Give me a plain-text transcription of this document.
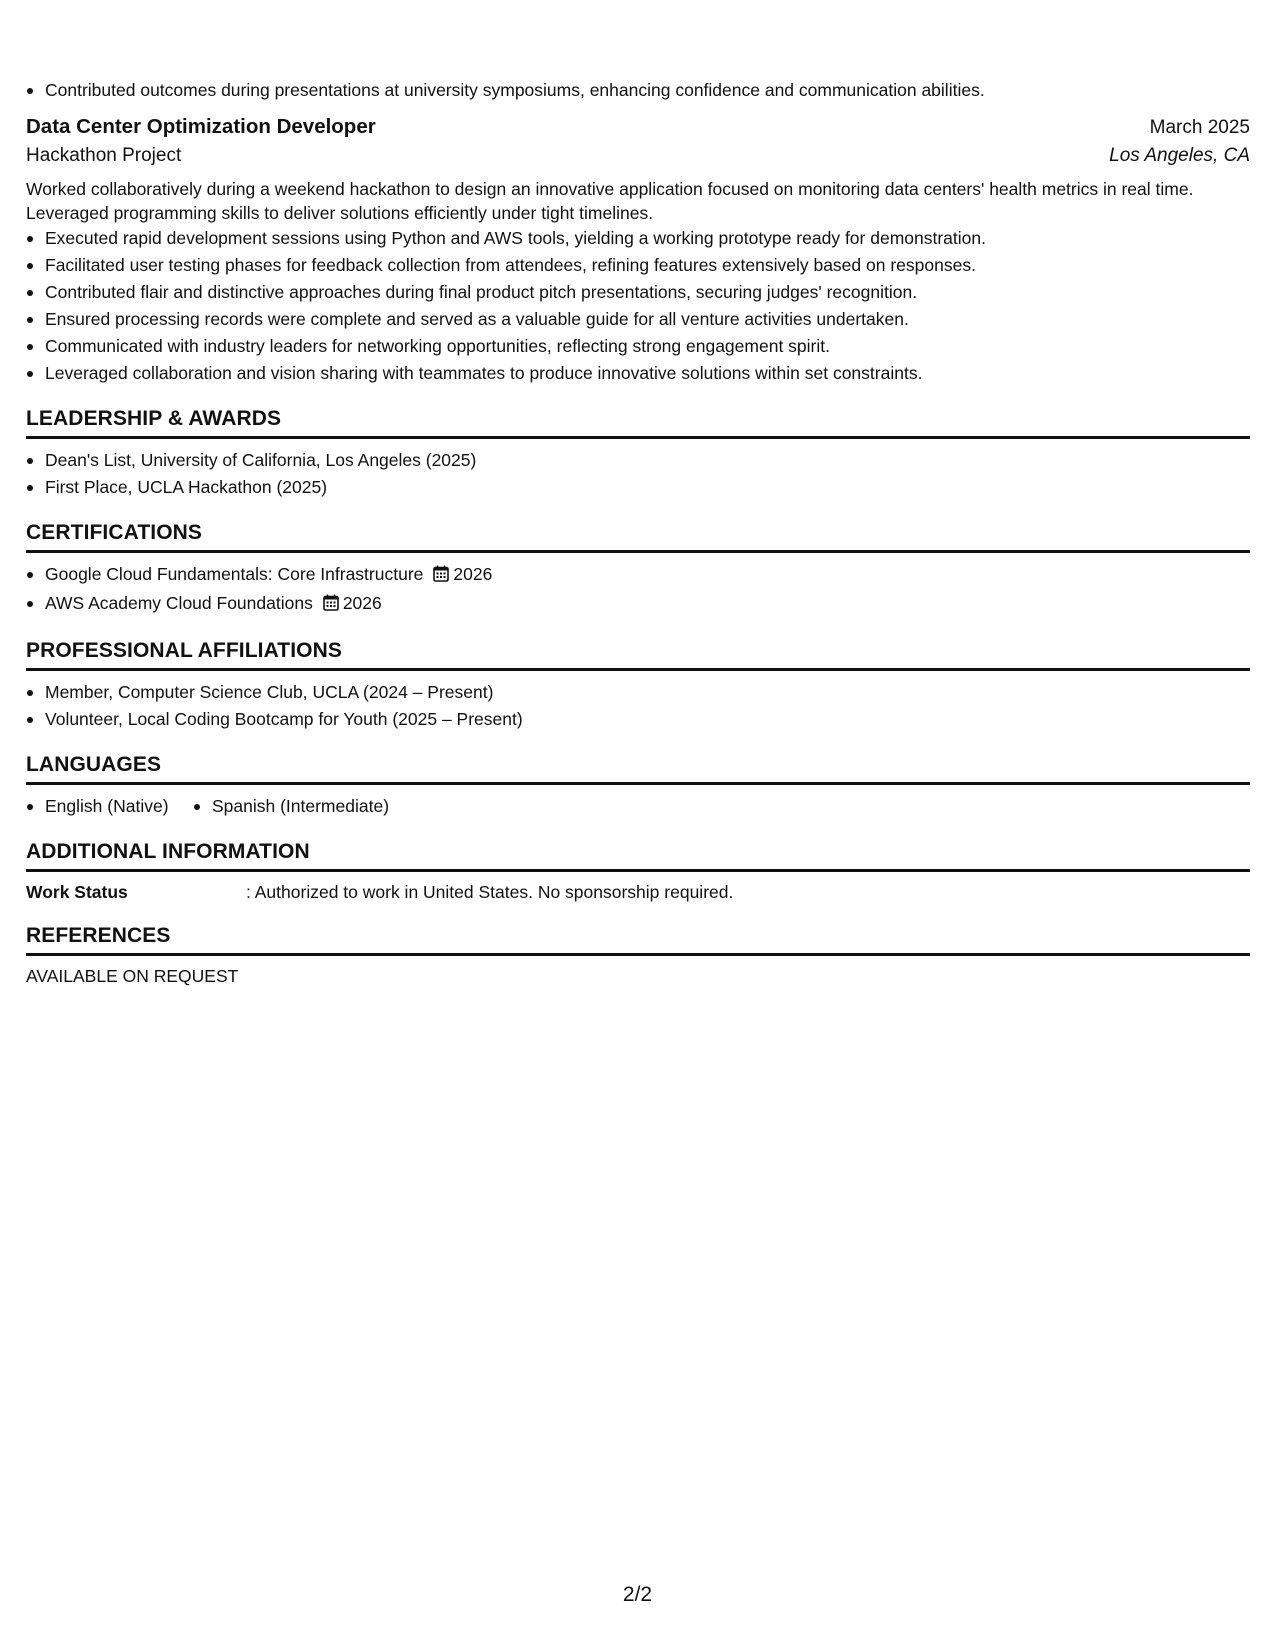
Contributed outcomes during presentations at university symposiums, enhancing confidence and communication abilities.
Data Center Optimization Developer	March 2025
Hackathon Project	Los Angeles, CA
Worked collaboratively during a weekend hackathon to design an innovative application focused on monitoring data centers' health metrics in real time. Leveraged programming skills to deliver solutions efficiently under tight timelines.
Executed rapid development sessions using Python and AWS tools, yielding a working prototype ready for demonstration.
Facilitated user testing phases for feedback collection from attendees, refining features extensively based on responses.
Contributed flair and distinctive approaches during final product pitch presentations, securing judges' recognition.
Ensured processing records were complete and served as a valuable guide for all venture activities undertaken.
Communicated with industry leaders for networking opportunities, reflecting strong engagement spirit.
Leveraged collaboration and vision sharing with teammates to produce innovative solutions within set constraints.
LEADERSHIP & AWARDS
Dean's List, University of California, Los Angeles (2025)
First Place, UCLA Hackathon (2025)
CERTIFICATIONS
Google Cloud Fundamentals: Core Infrastructure 2026
AWS Academy Cloud Foundations 2026
PROFESSIONAL AFFILIATIONS
Member, Computer Science Club, UCLA (2024 – Present)
Volunteer, Local Coding Bootcamp for Youth (2025 – Present)
LANGUAGES
English (Native) Spanish (Intermediate)
ADDITIONAL INFORMATION
Work Status	: Authorized to work in United States. No sponsorship required.
REFERENCES
AVAILABLE ON REQUEST
2/2
